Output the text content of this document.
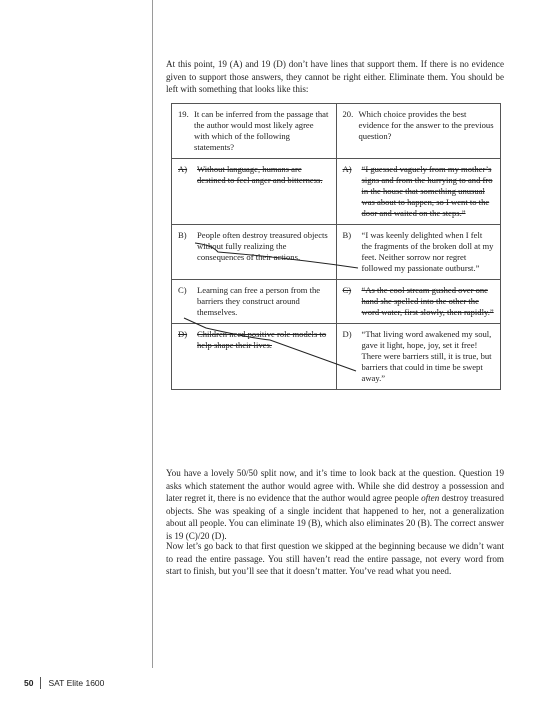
At this point, 19 (A) and 19 (D) don’t have lines that support them. If there is no evidence given to support those answers, they cannot be right either. Eliminate them. You should be left with something that looks like this:

19. It can be inferred from the passage that the author would most likely agree with which of the following statements?	20. Which choice provides the best evidence for the answer to the previous question?

A) Without language, humans are destined to feel anger and bitterness.	A) “I guessed vaguely from my mother’s signs and from the hurrying to and fro in the house that something unusual was about to happen, so I went to the door and waited on the steps.”

B) People often destroy treasured objects without fully realizing the consequences of their actions.	B) “I was keenly delighted when I felt the fragments of the broken doll at my feet. Neither sorrow nor regret followed my passionate outburst.”

C) Learning can free a person from the barriers they construct around themselves.	C) “As the cool stream gushed over one hand she spelled into the other the word water, first slowly, then rapidly.”

D) Children need positive role models to help shape their lives.	D) “That living word awakened my soul, gave it light, hope, joy, set it free! There were barriers still, it is true, but barriers that could in time be swept away.”

You have a lovely 50/50 split now, and it’s time to look back at the question. Question 19 asks which statement the author would agree with. While she did destroy a possession and later regret it, there is no evidence that the author would agree people often destroy treasured objects. She was speaking of a single incident that happened to her, not a generalization about all people. You can eliminate 19 (B), which also eliminates 20 (B). The correct answer is 19 (C)/20 (D).

Now let’s go back to that first question we skipped at the beginning because we didn’t want to read the entire passage. You still haven’t read the entire passage, not every word from start to finish, but you’ll see that it doesn’t matter. You’ve read what you need.

50 SAT Elite 1600
